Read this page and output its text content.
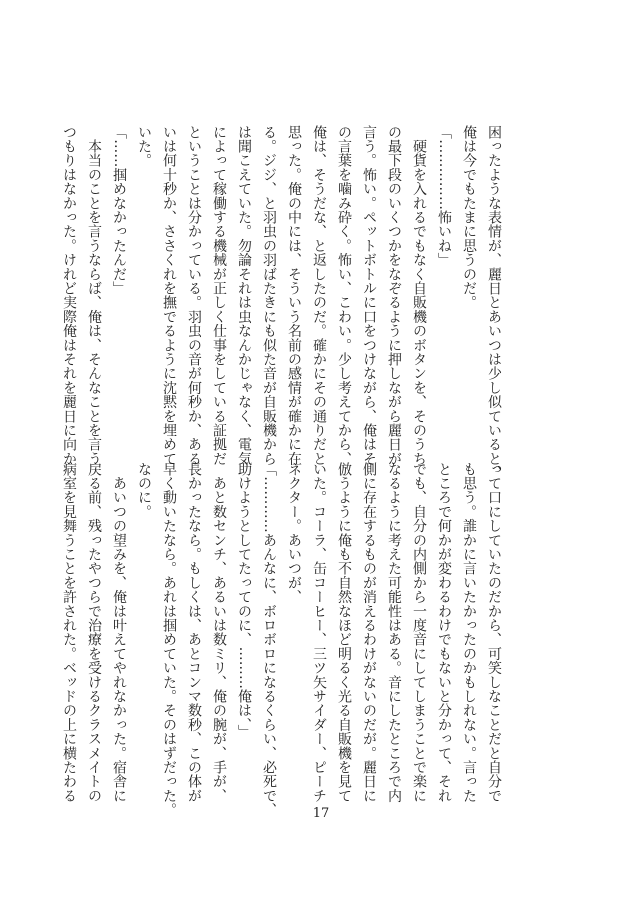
困ったような表情が、麗日とあいつは少し似ていると、

俺は今でもたまに思うのだ。

「……………怖いね」

　硬貨を入れるでもなく自販機のボタンを、そのうち

の最下段のいくつかをなぞるように押しながら麗日が

言う。怖い。ペットボトルに口をつけながら、俺はそ

の言葉を噛み砕く。怖い、こわい。少し考えてから、

俺は、そうだな、と返したのだ。確かにその通りだと

思った。俺の中には、そういう名前の感情が確かに在

る。ジジ、と羽虫の羽ばたきにも似た音が自販機から

は聞こえていた。勿論それは虫なんかじゃなく、電気

によって稼働する機械が正しく仕事をしている証拠だ

ということは分かっている。羽虫の音が何秒か、ある

いは何十秒か、ささくれを撫でるように沈黙を埋めて

いた。

「……掴めなかったんだ」

　本当のことを言うならば、俺は、そんなことを言う

つもりはなかった。けれど実際俺はそれを麗日に向か

って口にしていたのだから、可笑しなことだと自分で

も思う。誰かに言いたかったのかもしれない。言った

ところで何かが変わるわけでもないと分かって、それ

でも、自分の内側から一度音にしてしまうことで楽に

なるように考えた可能性はある。音にしたところで内

側に存在するものが消えるわけがないのだが。麗日に

倣うように俺も不自然なほど明るく光る自販機を見て

いた。コーラ、缶コーヒー、三ツ矢サイダー、ピーチ

ネクター。あいつが、

「…………あんなに、ボロボロになるくらい、必死で、

助けようとしてたってのに、………俺は、」

　あと数センチ、あるいは数ミリ、俺の腕が、手が、

長かったなら。もしくは、あとコンマ数秒、この体が

早く動いたなら。あれは掴めていた。そのはずだった。

なのに。

　あいつの望みを、俺は叶えてやれなかった。宿舎に

戻る前、残ったやつらで治療を受けるクラスメイトの

病室を見舞うことを許された。ベッドの上に横たわる

17
